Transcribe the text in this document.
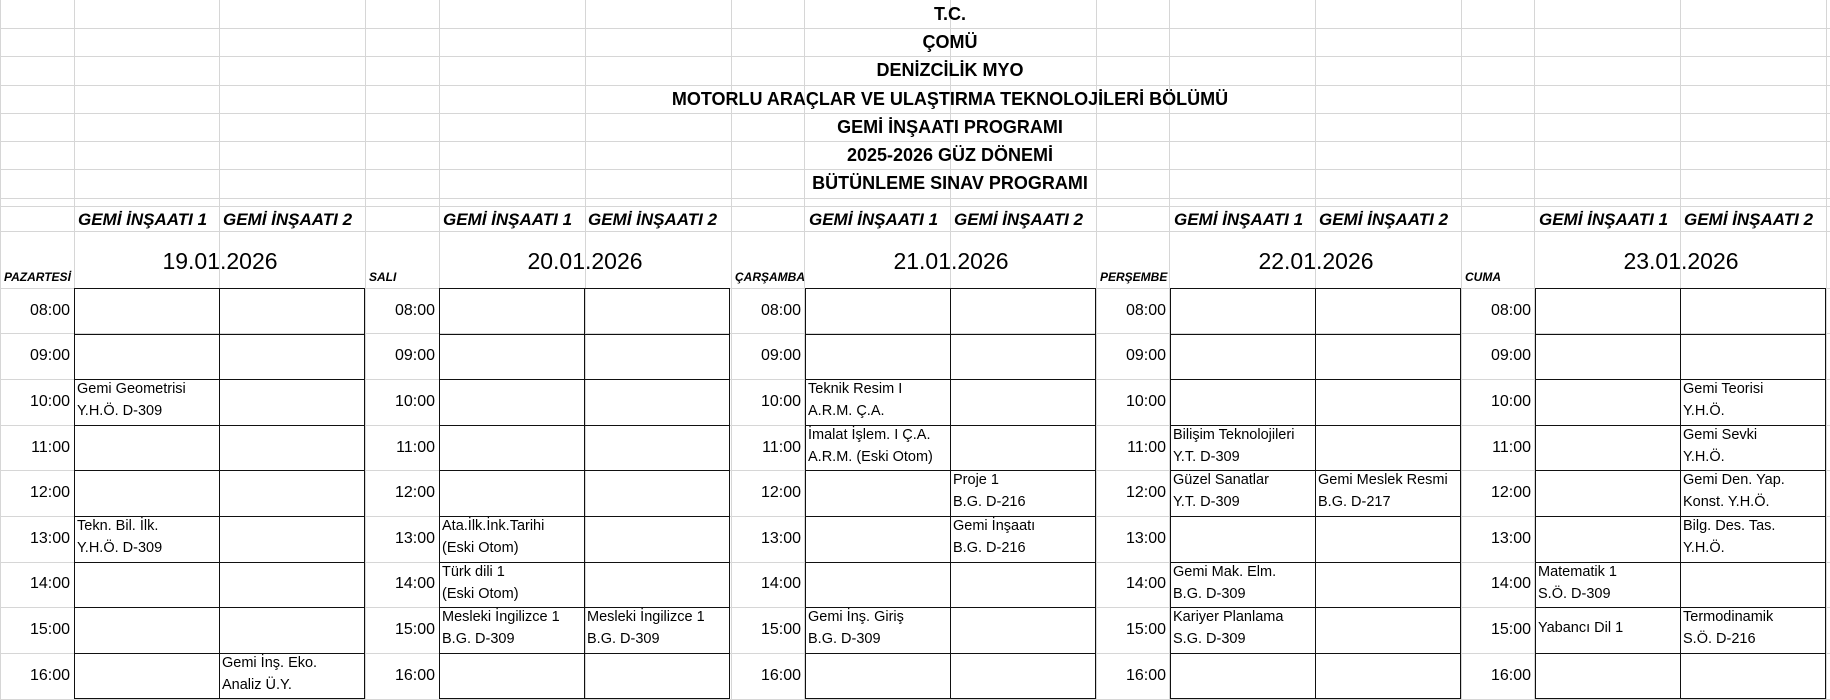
T.C.
ÇOMÜ
DENİZCİLİK MYO
MOTORLU ARAÇLAR VE ULAŞTIRMA TEKNOLOJİLERİ BÖLÜMÜ
GEMİ İNŞAATI PROGRAMI
2025-2026 GÜZ DÖNEMİ
BÜTÜNLEME SINAV PROGRAMI
GEMİ İNŞAATI 1 GEMİ İNŞAATI 2
19.01.2026
PAZARTESİ
08:00
09:00
10:00
Gemi Geometrisi
Y.H.Ö. D-309
11:00
12:00
13:00
Tekn. Bil. İlk.
Y.H.Ö. D-309
14:00
15:00
16:00
Gemi İnş. Eko.
Analiz Ü.Y.
GEMİ İNŞAATI 1 GEMİ İNŞAATI 2
20.01.2026
SALI
08:00
09:00
10:00
11:00
12:00
13:00
Ata.İlk.İnk.Tarihi
(Eski Otom)
14:00
Türk dili 1
(Eski Otom)
15:00
Mesleki İngilizce 1
B.G. D-309
Mesleki İngilizce 1
B.G. D-309
16:00
GEMİ İNŞAATI 1 GEMİ İNŞAATI 2
21.01.2026
ÇARŞAMBA
08:00
09:00
10:00
Teknik Resim I
A.R.M. Ç.A.
11:00
İmalat İşlem. I Ç.A.
A.R.M. (Eski Otom)
12:00
Proje 1
B.G. D-216
13:00
Gemi İnşaatı
B.G. D-216
14:00
15:00
Gemi İnş. Giriş
B.G. D-309
16:00
GEMİ İNŞAATI 1 GEMİ İNŞAATI 2
22.01.2026
PERŞEMBE
08:00
09:00
10:00
11:00
Bilişim Teknolojileri
Y.T. D-309
12:00
Güzel Sanatlar
Y.T. D-309
Gemi Meslek Resmi
B.G. D-217
13:00
14:00
Gemi Mak. Elm.
B.G. D-309
15:00
Kariyer Planlama
S.G. D-309
16:00
GEMİ İNŞAATI 1 GEMİ İNŞAATI 2
23.01.2026
CUMA
08:00
09:00
10:00
Gemi Teorisi
Y.H.Ö.
11:00
Gemi Sevki
Y.H.Ö.
12:00
Gemi Den. Yap.
Konst. Y.H.Ö.
13:00
Bilg. Des. Tas.
Y.H.Ö.
14:00
Matematik 1
S.Ö. D-309
15:00 Yabancı Dil 1
Termodinamik
S.Ö. D-216
16:00
